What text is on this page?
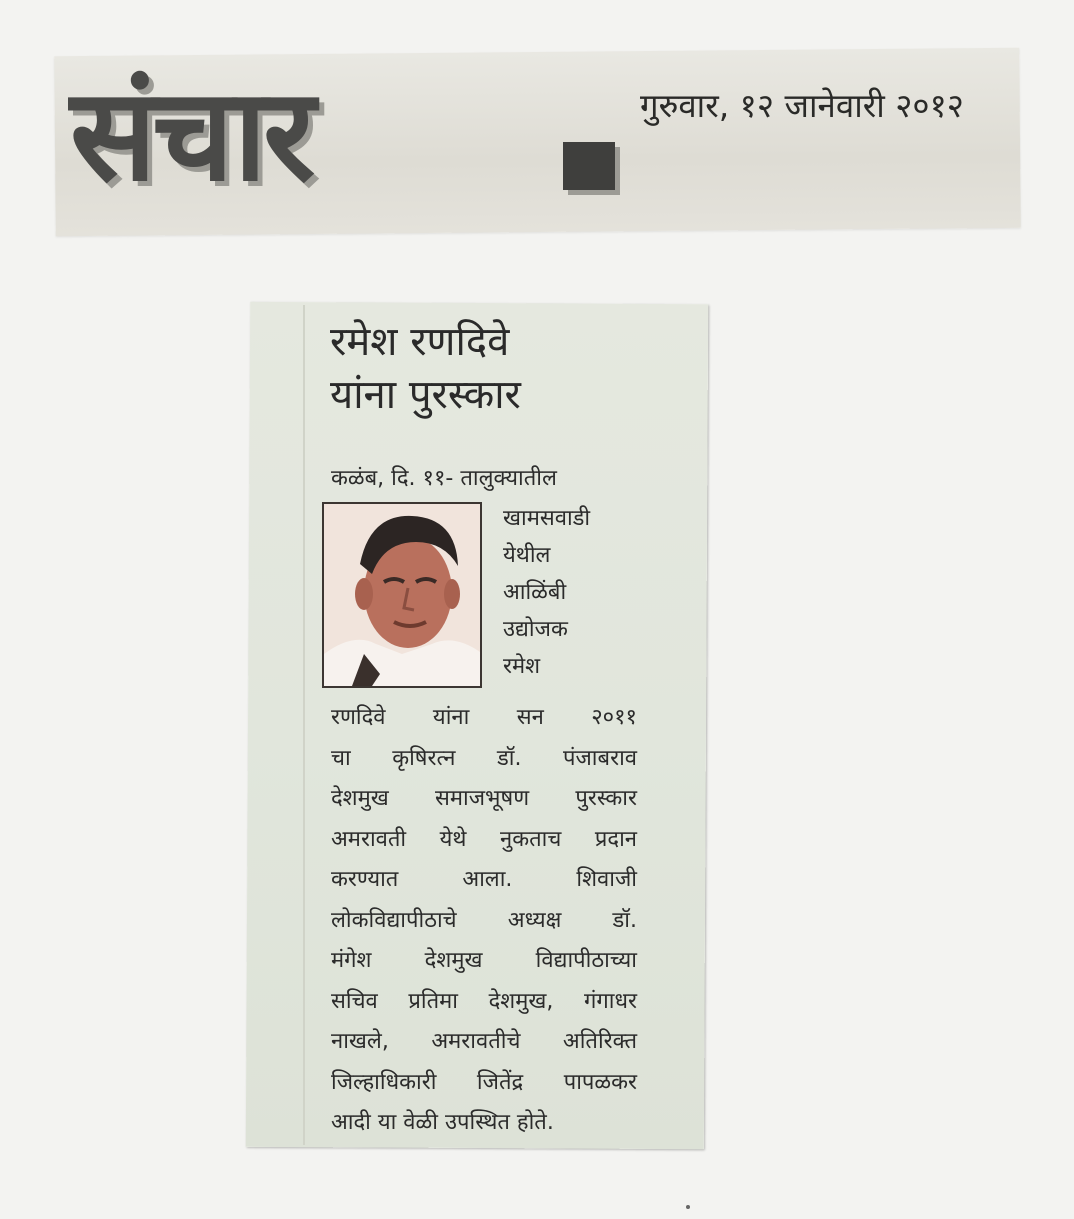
संचार	गुरुवार, १२ जानेवारी २०१२
रमेश रणदिवे
यांना पुरस्कार
कळंब, दि. ११- तालुक्यातील
खामसवाडी
येथील
आळिंबी
उद्योजक
रमेश
रणदिवे यांना सन २०११
चा कृषिरत्न डॉ. पंजाबराव
देशमुख समाजभूषण पुरस्कार
अमरावती येथे नुकताच प्रदान
करण्यात आला. शिवाजी
लोकविद्यापीठाचे अध्यक्ष डॉ.
मंगेश देशमुख विद्यापीठाच्या
सचिव प्रतिमा देशमुख, गंगाधर
नाखले, अमरावतीचे अतिरिक्त
जिल्हाधिकारी जितेंद्र पापळकर
आदी या वेळी उपस्थित होते.
